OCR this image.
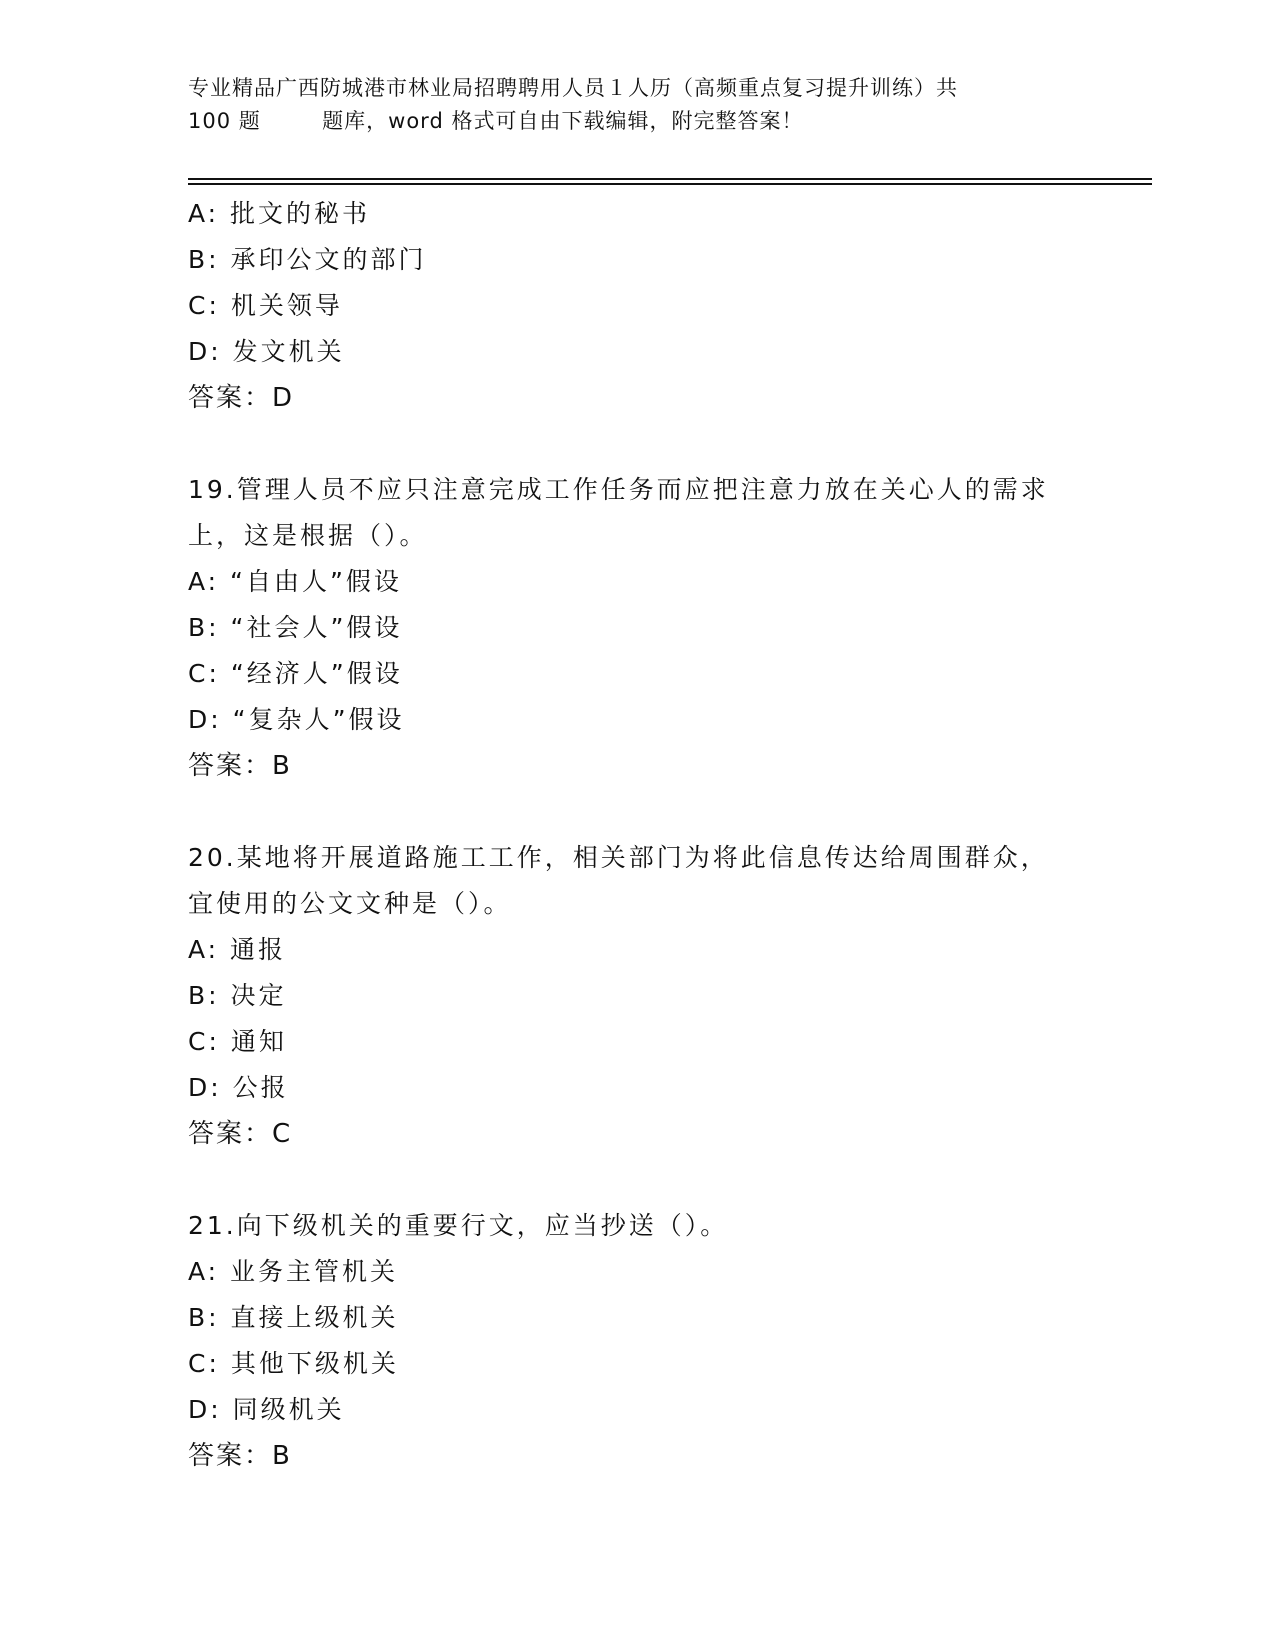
专业精品广西防城港市林业局招聘聘用人员１人历（高频重点复习提升训练）共
100 题        题库，word 格式可自由下载编辑，附完整答案！
A: 批文的秘书
B: 承印公文的部门
C: 机关领导
D: 发文机关
答案：D
19.管理人员不应只注意完成工作任务而应把注意力放在关心人的需求
上，这是根据（）。
A: “自由人”假设
B: “社会人”假设
C: “经济人”假设
D: “复杂人”假设
答案：B
20.某地将开展道路施工工作，相关部门为将此信息传达给周围群众，
宜使用的公文文种是（）。
A: 通报
B: 决定
C: 通知
D: 公报
答案：C
21.向下级机关的重要行文，应当抄送（）。
A: 业务主管机关
B: 直接上级机关
C: 其他下级机关
D: 同级机关
答案：B
